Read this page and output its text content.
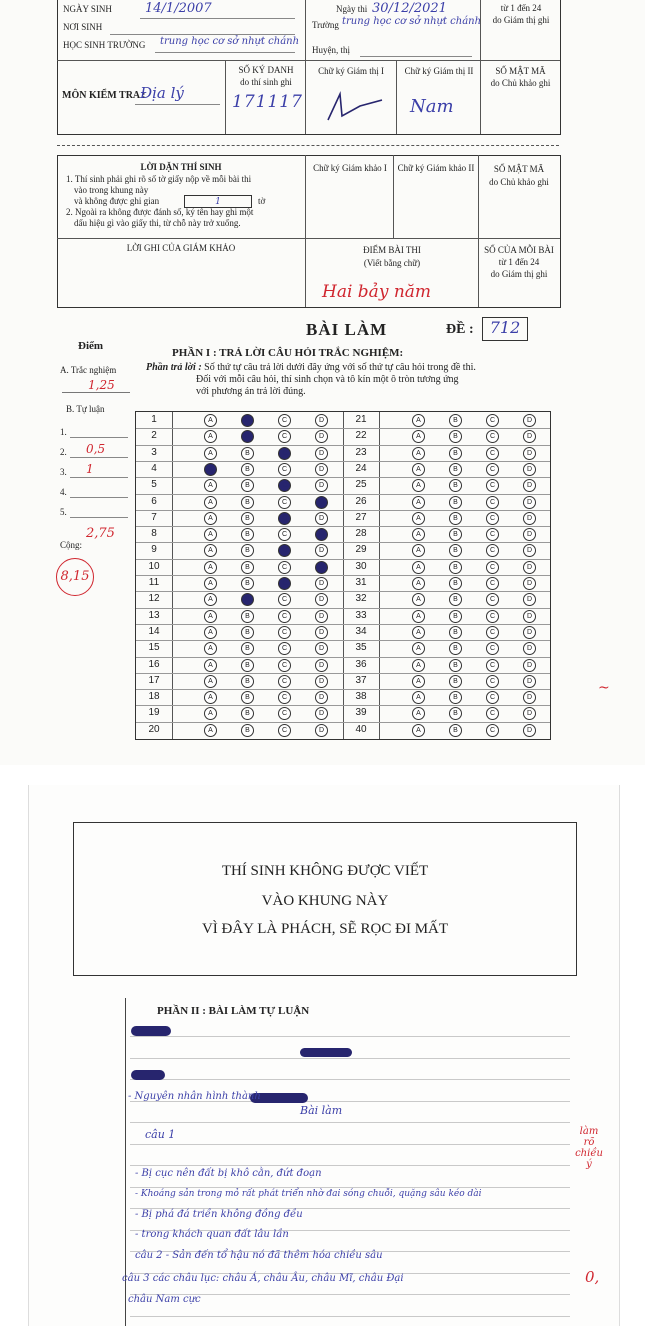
NGÀY SINH	14/1/2007
NƠI SINH
HỌC SINH TRƯỜNG trung học cơ sở nhựt chánh
Ngày thi 30/12/2021
Trường trung học cơ sở nhựt chánh
Huyện, thị
từ 1 đến 24
do Giám thị ghi
MÔN KIỂM TRA :
Địa lý
SỐ KÝ DANH
do thí sinh ghi
171117
Chữ ký Giám thị I	Chữ ký Giám thị II	SỐ MẬT MÃ
do Chủ khảo ghi
Nam
LỜI DẶN THÍ SINH
1. Thí sinh phải ghi rõ số tờ giấy nộp về mỗi bài thi
vào trong khung này
và không được ghi gian	1	tờ
2. Ngoài ra không được đánh số, ký tên hay ghi một
dấu hiệu gì vào giấy thi, từ chỗ này trở xuống.
Chữ ký Giám khảo I	Chữ ký Giám khảo II	SỐ MẬT MÃ
do Chủ khảo ghi
LỜI GHI CỦA GIÁM KHẢO	ĐIỂM BÀI THI
(Viết bằng chữ)
Hai bảy năm
SỐ CỦA MỖI BÀI
từ 1 đến 24
do Giám thị ghi
BÀI LÀM	ĐỀ :	712
PHẦN I : TRẢ LỜI CÂU HỎI TRẮC NGHIỆM:
Phần trả lời : Số thứ tự câu trả lời dưới đây ứng với số thứ tự câu hỏi trong đề thi.
Đối với mỗi câu hỏi, thí sinh chọn và tô kín một ô tròn tương ứng
với phương án trả lời đúng.
Điểm
A. Trắc nghiệm
1,25
B. Tự luận
1.
2. 0,5
3. 1
4.
5.
Cộng:
2,75
8,15
1	A	B	C	D	21	A	B	C	D
2	A	B	C	D	22	A	B	C	D
3	A	B	C	D	23	A	B	C	D
4	A	B	C	D	24	A	B	C	D
5	A	B	C	D	25	A	B	C	D
6	A	B	C	D	26	A	B	C	D
7	A	B	C	D	27	A	B	C	D
8	A	B	C	D	28	A	B	C	D
9	A	B	C	D	29	A	B	C	D
10	A	B	C	D	30	A	B	C	D
11	A	B	C	D	31	A	B	C	D
12	A	B	C	D	32	A	B	C	D
13	A	B	C	D	33	A	B	C	D
14	A	B	C	D	34	A	B	C	D
15	A	B	C	D	35	A	B	C	D
16	A	B	C	D	36	A	B	C	D
17	A	B	C	D	37	A	B	C	D
18	A	B	C	D	38	A	B	C	D
19	A	B	C	D	39	A	B	C	D
20	A	B	C	D	40	A	B	C	D
~
THÍ SINH KHÔNG ĐƯỢC VIẾT
VÀO KHUNG NÀY
VÌ ĐÂY LÀ PHÁCH, SẼ RỌC ĐI MẤT
PHẦN II : BÀI LÀM TỰ LUẬN
Bài làm
câu 1
- Nguyên nhân hình thành
- Bị cục nên đất bị khô cằn, đứt đoạn
- Khoáng sản trong mỏ rất phát triển nhờ đai sóng chuỗi, quặng sâu kéo dài
- Bị phá đá triền không đồng đều
- trong khách quan đất lâu lần
câu 2 - Sản đến tổ hậu nó đã thêm hóa chiều sâu
câu 3 các châu lục: châu Á, châu Âu, châu Mĩ, châu Đại
châu Nam cực
làm
rõ
chiều
ý
0,
